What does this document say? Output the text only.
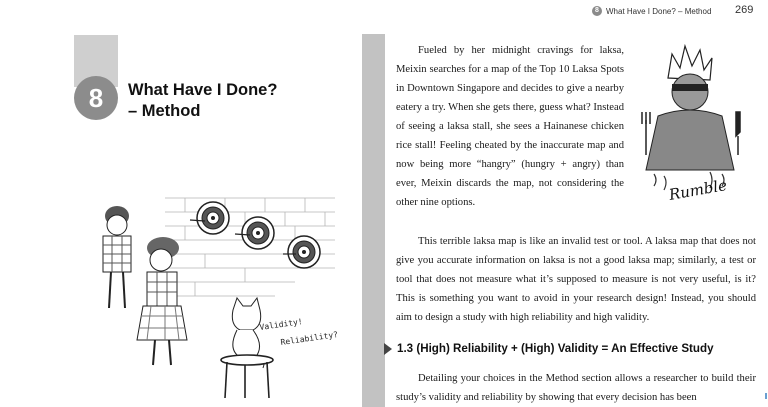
8 What Have I Done? – Method 269
8	What Have I Done?
– Method
Validity!
Reliability?
Fueled by her midnight cravings for laksa, Meixin searches for a map of the Top 10 Laksa Spots in Downtown Singapore and decides to give a nearby eatery a try. When she gets there, guess what? Instead of seeing a laksa stall, she sees a Hainanese chicken rice stall! Feeling cheated by the inaccurate map and now being more “hangry” (hungry + angry) than ever, Meixin discards the map, not considering the other nine options.	Rumble
This terrible laksa map is like an invalid test or tool. A laksa map that does not give you accurate information on laksa is not a good laksa map; similarly, a test or tool that does not measure what it’s supposed to measure is not very useful, is it? This is something you want to avoid in your research design! Instead, you should aim to design a study with high reliability and high validity.
1.3 (High) Reliability + (High) Validity = An Effective Study
Detailing your choices in the Method section allows a researcher to build their study’s validity and reliability by showing that every decision has been
